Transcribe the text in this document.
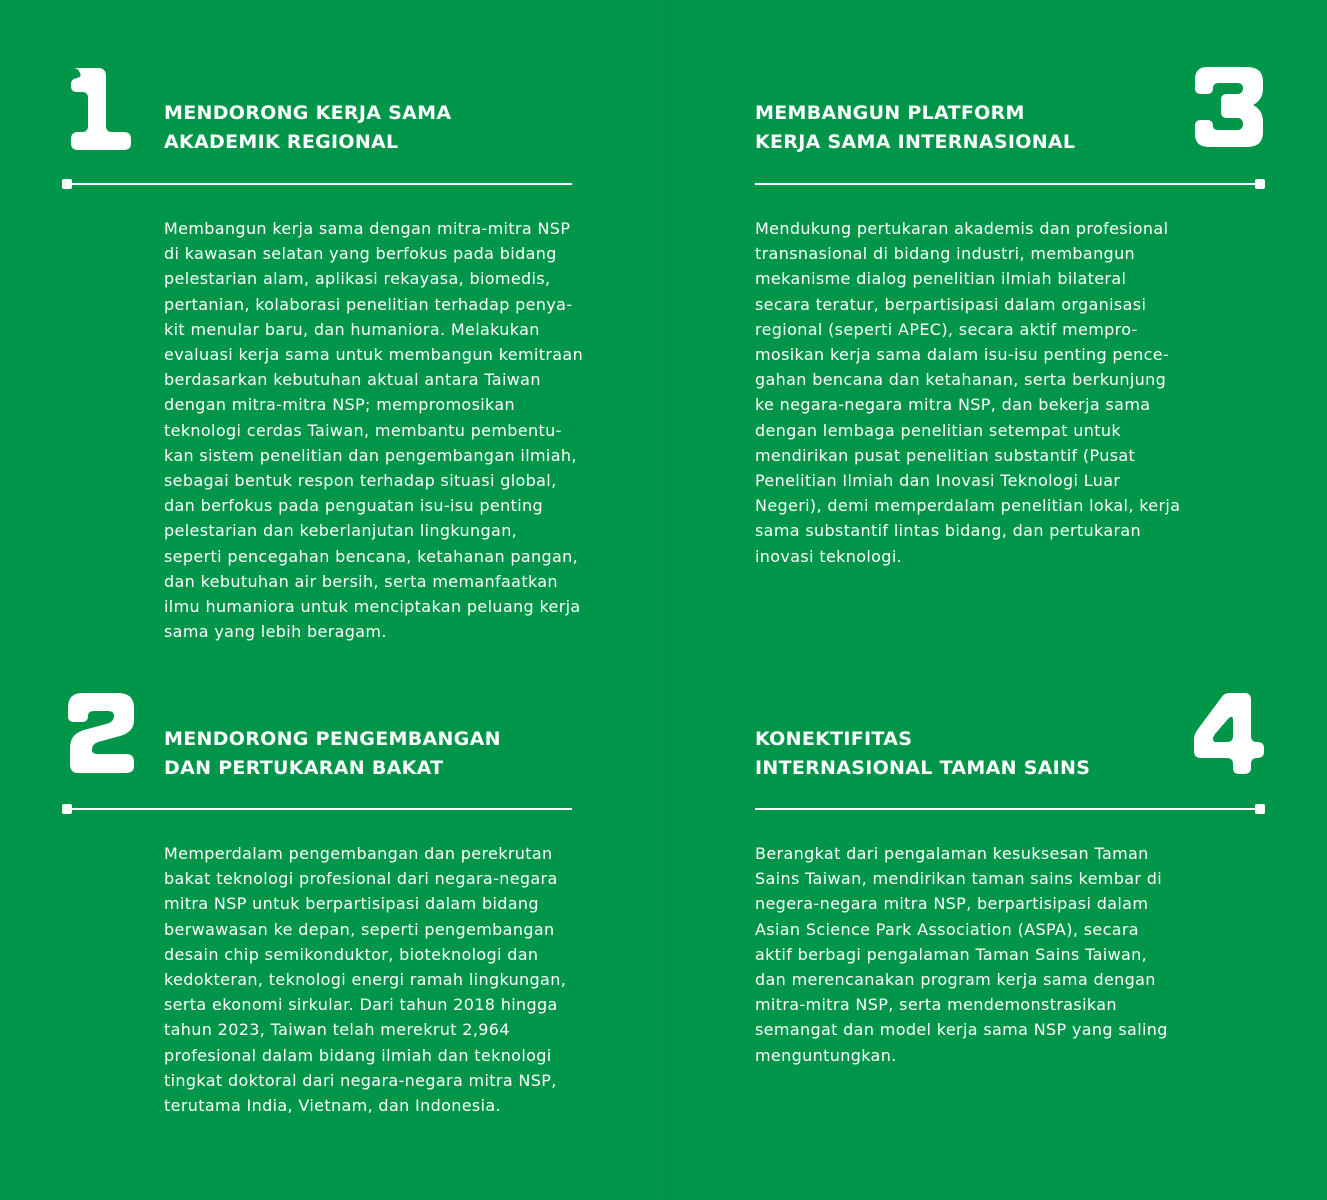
MENDORONG KERJA SAMA
AKADEMIK REGIONAL

Membangun kerja sama dengan mitra-mitra NSP
di kawasan selatan yang berfokus pada bidang
pelestarian alam, aplikasi rekayasa, biomedis,
pertanian, kolaborasi penelitian terhadap penya-
kit menular baru, dan humaniora. Melakukan
evaluasi kerja sama untuk membangun kemitraan
berdasarkan kebutuhan aktual antara Taiwan
dengan mitra-mitra NSP; mempromosikan
teknologi cerdas Taiwan, membantu pembentu-
kan sistem penelitian dan pengembangan ilmiah,
sebagai bentuk respon terhadap situasi global,
dan berfokus pada penguatan isu-isu penting
pelestarian dan keberlanjutan lingkungan,
seperti pencegahan bencana, ketahanan pangan,
dan kebutuhan air bersih, serta memanfaatkan
ilmu humaniora untuk menciptakan peluang kerja
sama yang lebih beragam.

MEMBANGUN PLATFORM
KERJA SAMA INTERNASIONAL

Mendukung pertukaran akademis dan profesional
transnasional di bidang industri, membangun
mekanisme dialog penelitian ilmiah bilateral
secara teratur, berpartisipasi dalam organisasi
regional (seperti APEC), secara aktif mempro-
mosikan kerja sama dalam isu-isu penting pence-
gahan bencana dan ketahanan, serta berkunjung
ke negara-negara mitra NSP, dan bekerja sama
dengan lembaga penelitian setempat untuk
mendirikan pusat penelitian substantif (Pusat
Penelitian Ilmiah dan Inovasi Teknologi Luar
Negeri), demi memperdalam penelitian lokal, kerja
sama substantif lintas bidang, dan pertukaran
inovasi teknologi.

MENDORONG PENGEMBANGAN
DAN PERTUKARAN BAKAT

Memperdalam pengembangan dan perekrutan
bakat teknologi profesional dari negara-negara
mitra NSP untuk berpartisipasi dalam bidang
berwawasan ke depan, seperti pengembangan
desain chip semikonduktor, bioteknologi dan
kedokteran, teknologi energi ramah lingkungan,
serta ekonomi sirkular. Dari tahun 2018 hingga
tahun 2023, Taiwan telah merekrut 2,964
profesional dalam bidang ilmiah dan teknologi
tingkat doktoral dari negara-negara mitra NSP,
terutama India, Vietnam, dan Indonesia.

KONEKTIFITAS
INTERNASIONAL TAMAN SAINS

Berangkat dari pengalaman kesuksesan Taman
Sains Taiwan, mendirikan taman sains kembar di
negera-negara mitra NSP, berpartisipasi dalam
Asian Science Park Association (ASPA), secara
aktif berbagi pengalaman Taman Sains Taiwan,
dan merencanakan program kerja sama dengan
mitra-mitra NSP, serta mendemonstrasikan
semangat dan model kerja sama NSP yang saling
menguntungkan.
